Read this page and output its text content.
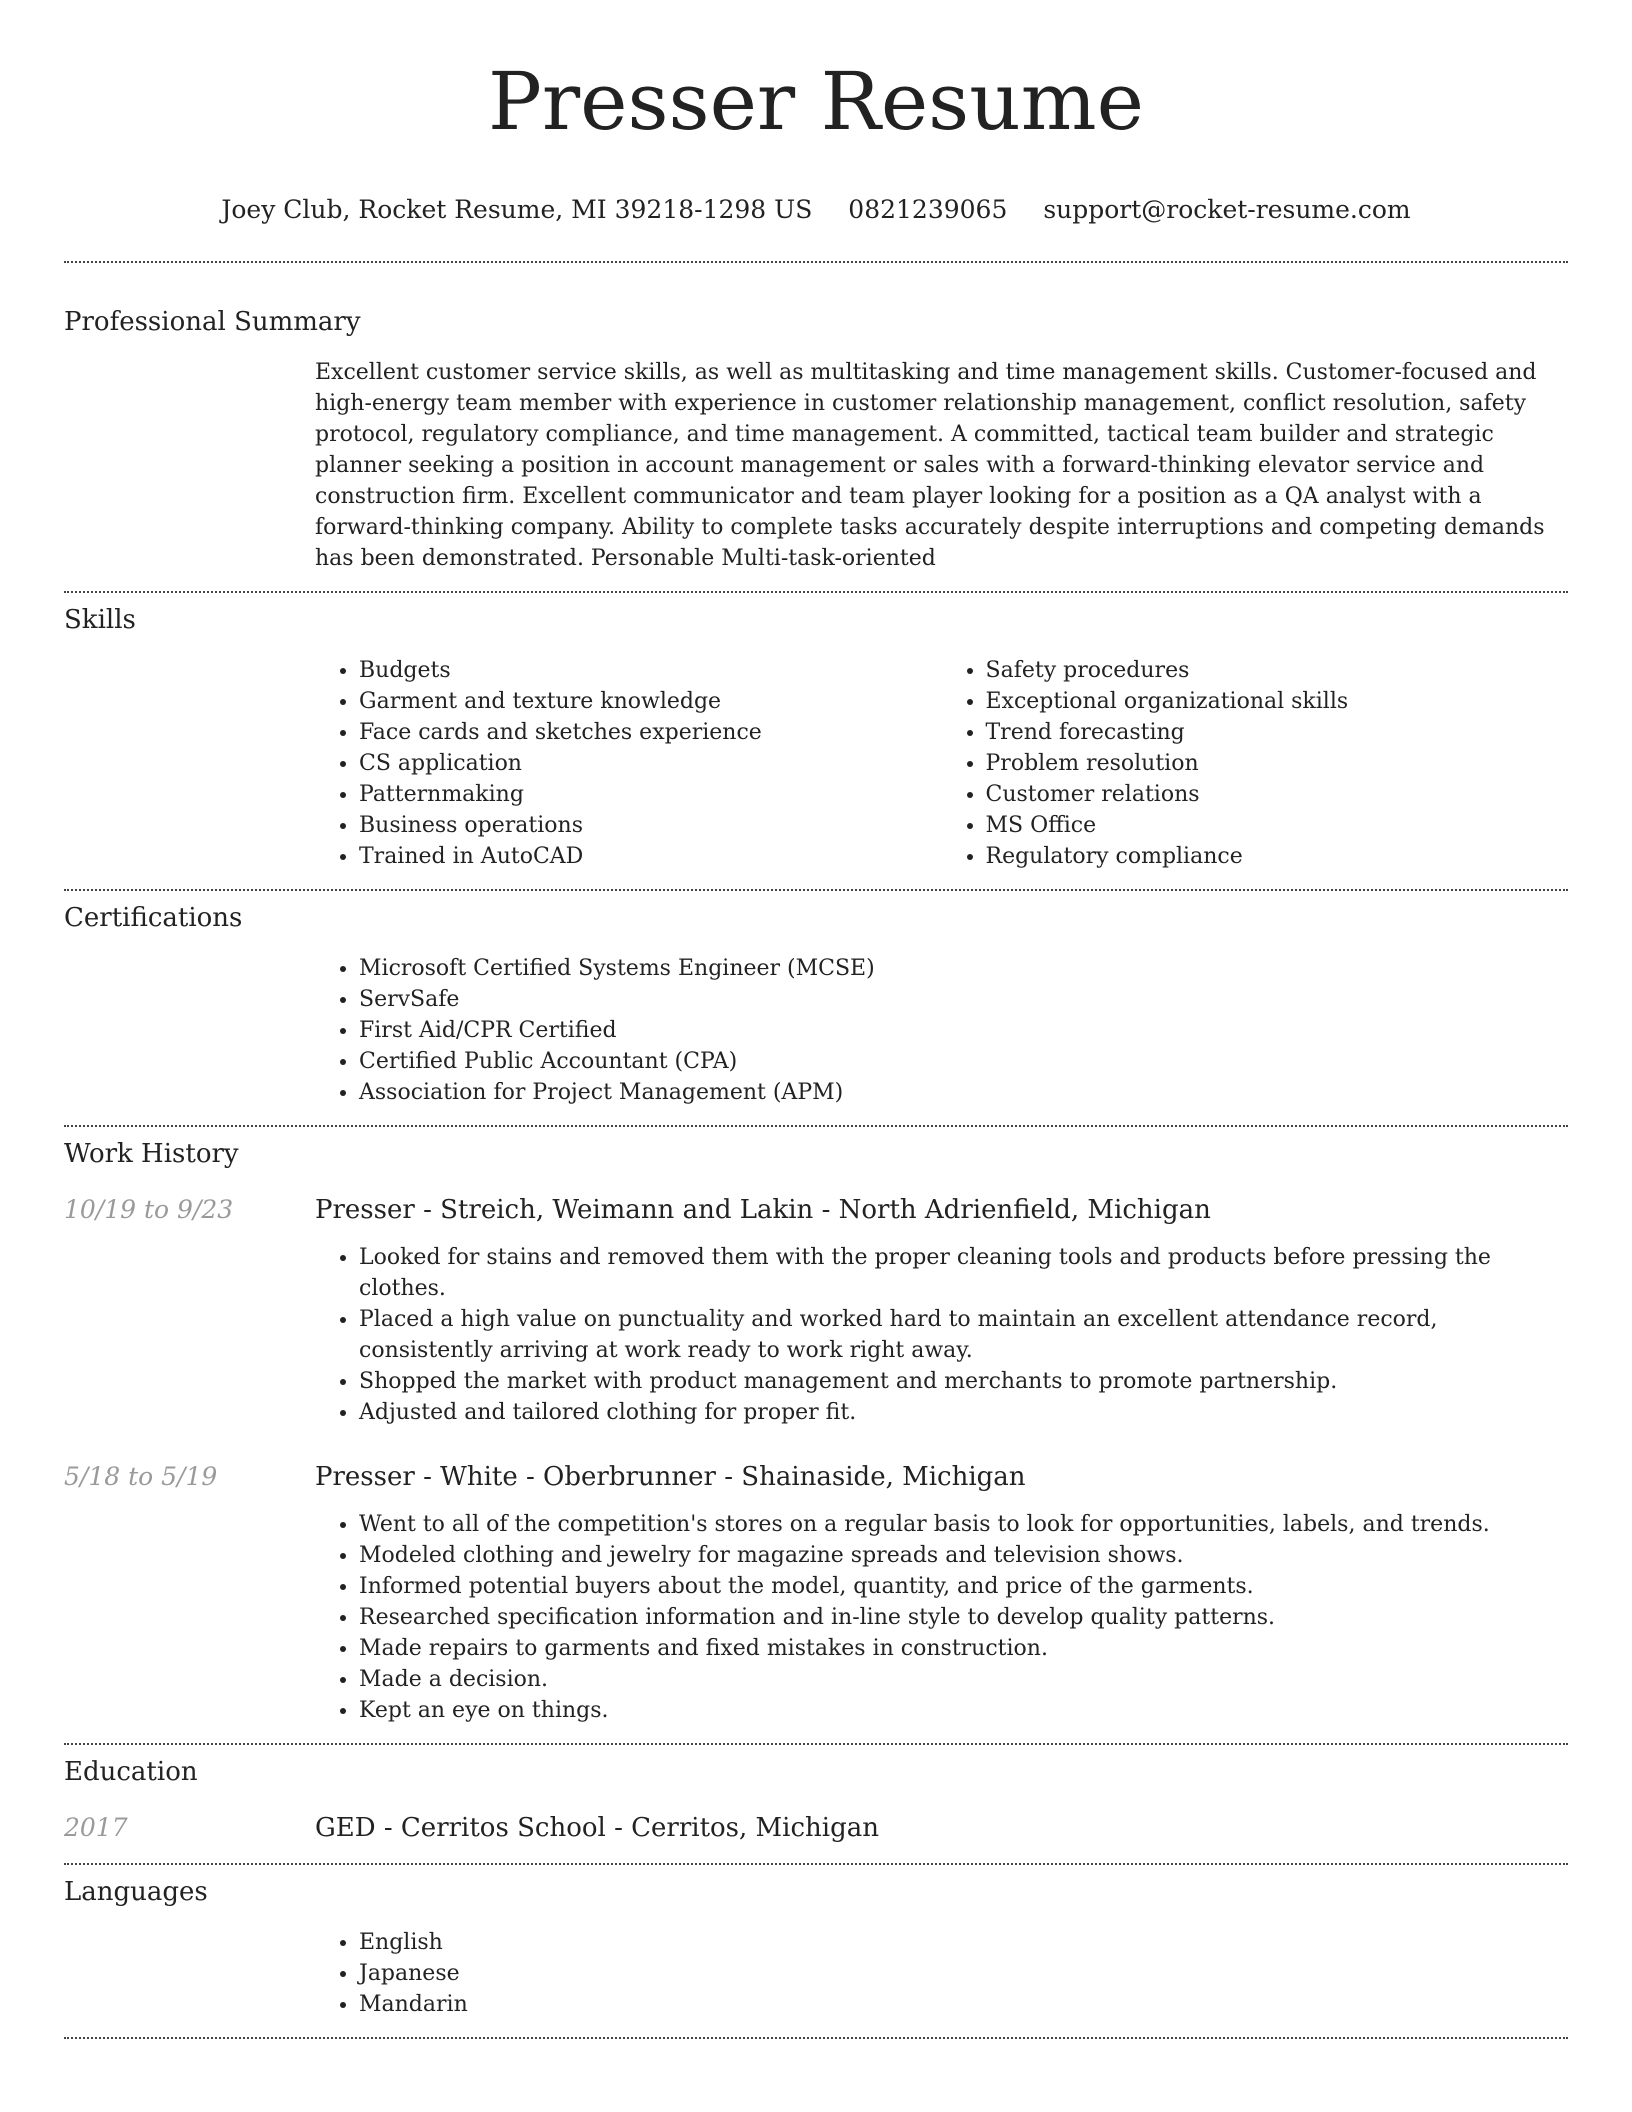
Presser Resume
Joey Club, Rocket Resume, MI 39218-1298 US 0821239065 support@rocket-resume.com
Professional Summary

Excellent customer service skills, as well as multitasking and time management skills. Customer-focused and high-energy team member with experience in customer relationship management, conflict resolution, safety protocol, regulatory compliance, and time management. A committed, tactical team builder and strategic planner seeking a position in account management or sales with a forward-thinking elevator service and construction firm. Excellent communicator and team player looking for a position as a QA analyst with a forward-thinking company. Ability to complete tasks accurately despite interruptions and competing demands has been demonstrated. Personable Multi-task-oriented

Skills
• Budgets
• Garment and texture knowledge
• Face cards and sketches experience
• CS application
• Patternmaking
• Business operations
• Trained in AutoCAD
• Safety procedures
• Exceptional organizational skills
• Trend forecasting
• Problem resolution
• Customer relations
• MS Office
• Regulatory compliance
Certifications
• Microsoft Certified Systems Engineer (MCSE)
• ServSafe
• First Aid/CPR Certified
• Certified Public Accountant (CPA)
• Association for Project Management (APM)
Work History
10/19 to 9/23	Presser - Streich, Weimann and Lakin - North Adrienfield, Michigan
• Looked for stains and removed them with the proper cleaning tools and products before pressing the clothes.
• Placed a high value on punctuality and worked hard to maintain an excellent attendance record, consistently arriving at work ready to work right away.
• Shopped the market with product management and merchants to promote partnership.
• Adjusted and tailored clothing for proper fit.
5/18 to 5/19	Presser - White - Oberbrunner - Shainaside, Michigan
• Went to all of the competition's stores on a regular basis to look for opportunities, labels, and trends.
• Modeled clothing and jewelry for magazine spreads and television shows.
• Informed potential buyers about the model, quantity, and price of the garments.
• Researched specification information and in-line style to develop quality patterns.
• Made repairs to garments and fixed mistakes in construction.
• Made a decision.
• Kept an eye on things.
Education
2017	GED - Cerritos School - Cerritos, Michigan
Languages
• English
• Japanese
• Mandarin
